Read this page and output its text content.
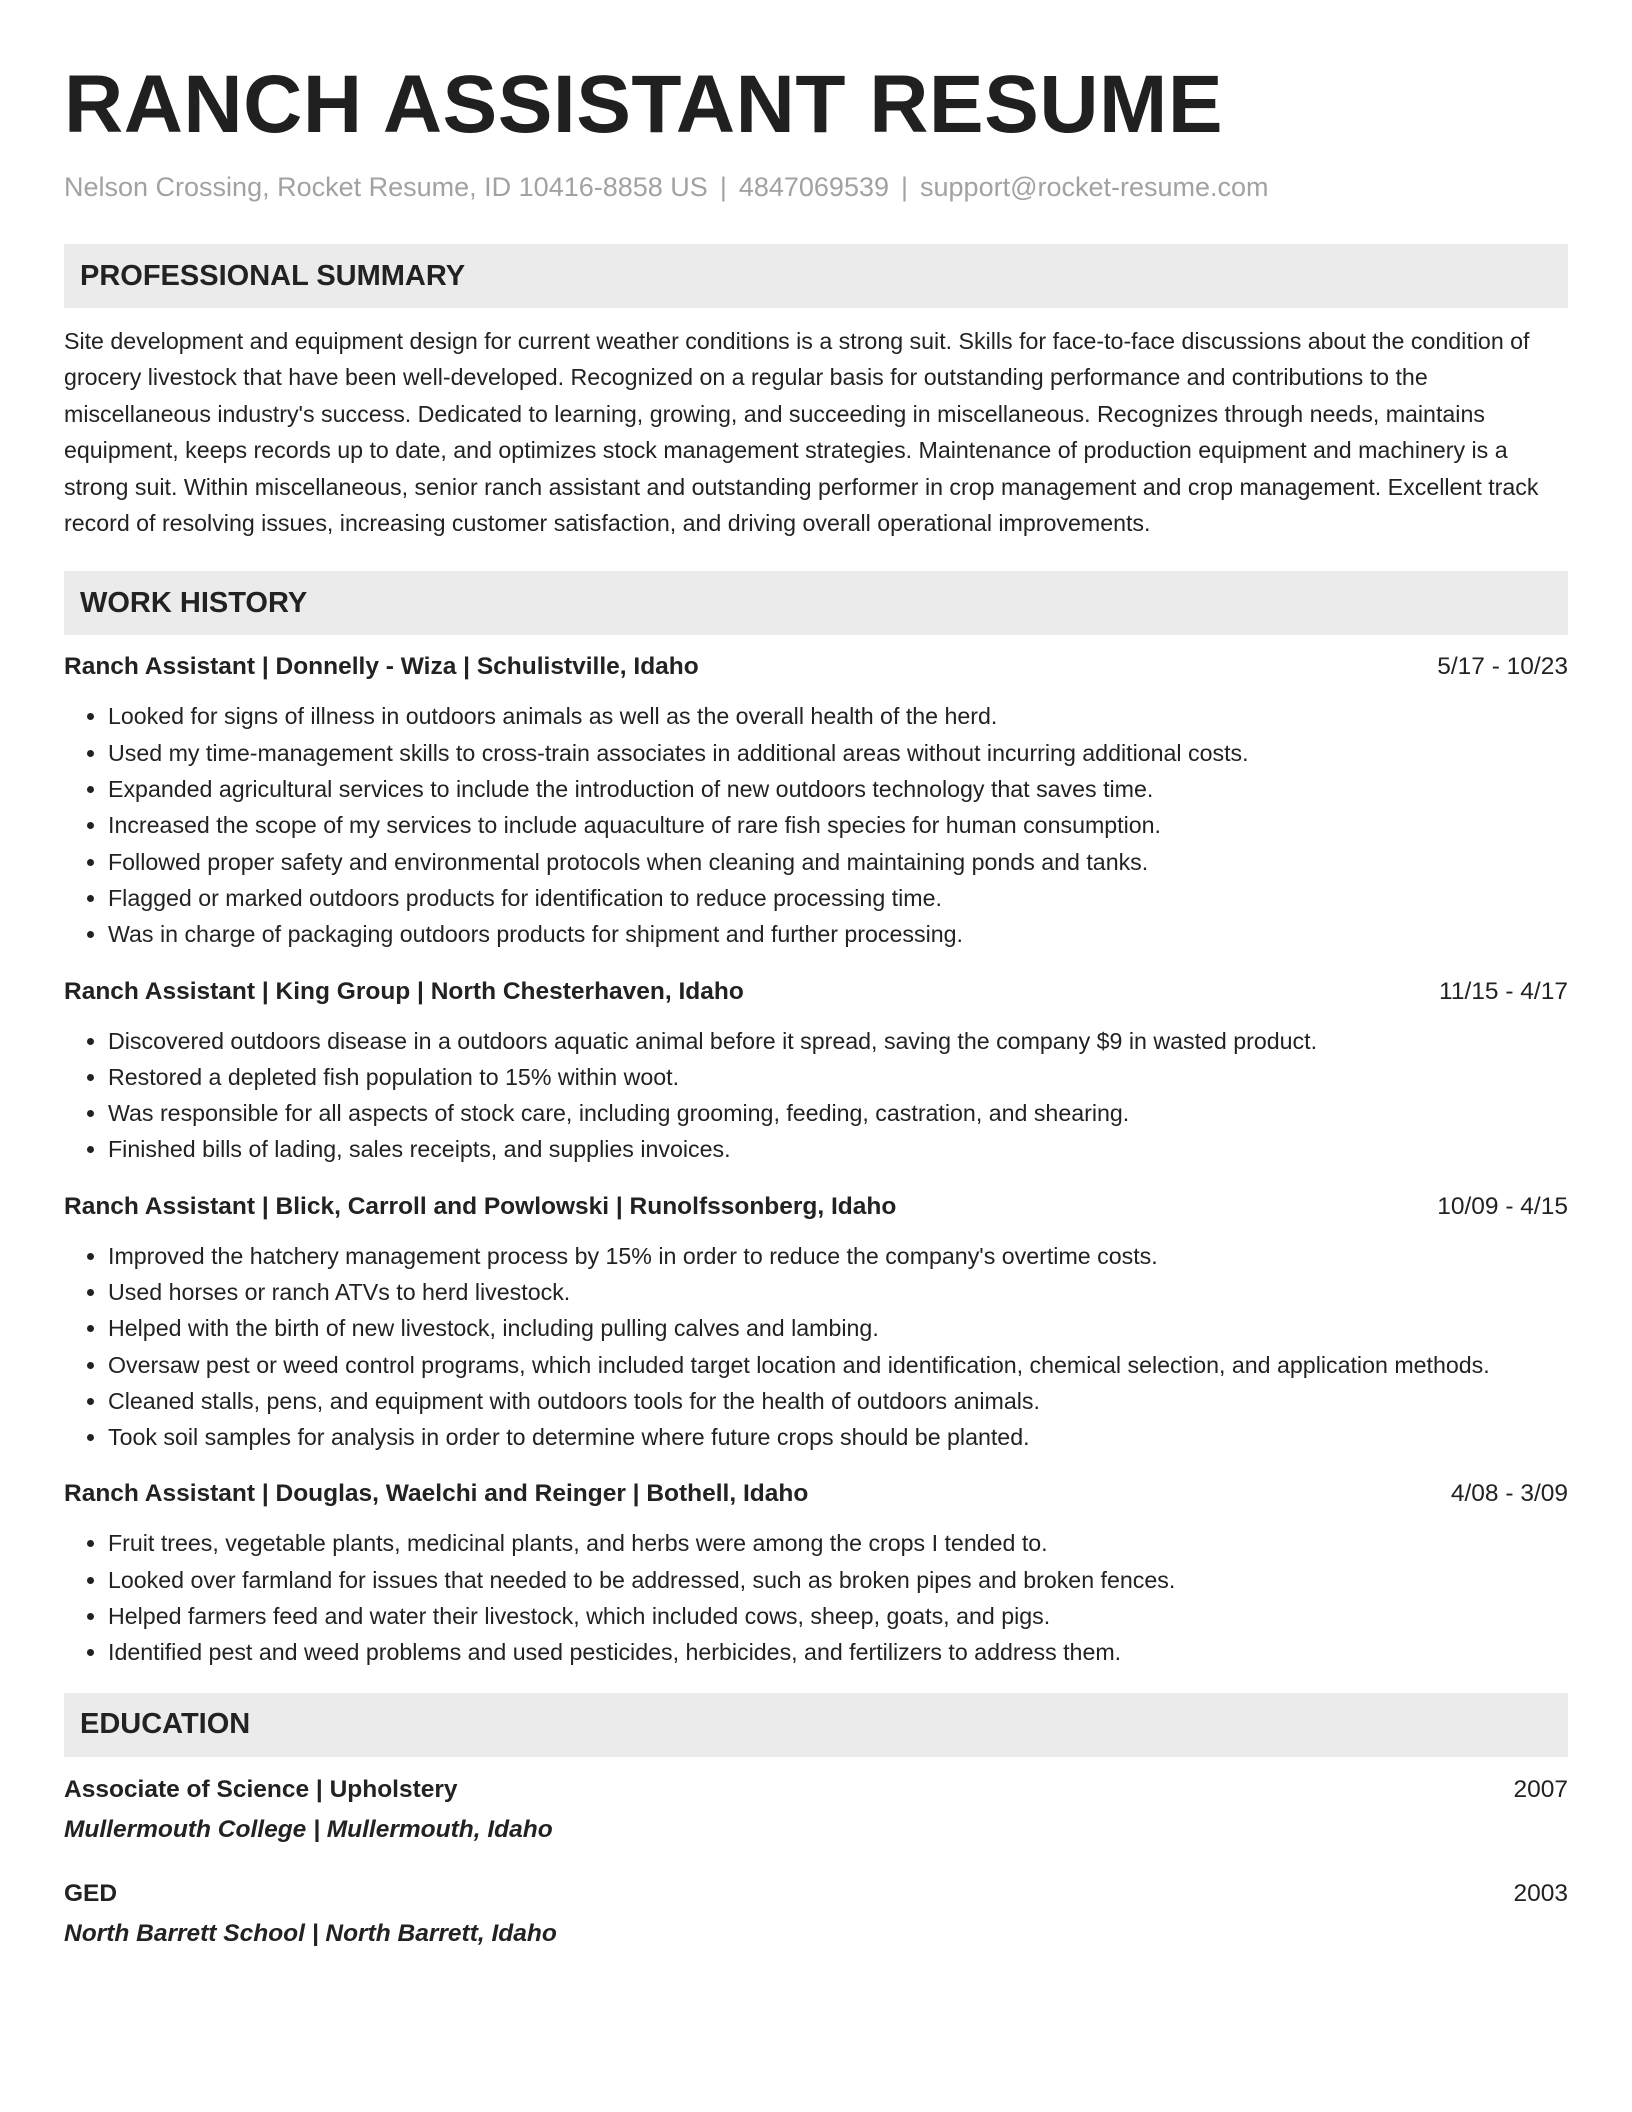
RANCH ASSISTANT RESUME
Nelson Crossing, Rocket Resume, ID 10416-8858 US | 4847069539 | support@rocket-resume.com
PROFESSIONAL SUMMARY

Site development and equipment design for current weather conditions is a strong suit. Skills for face-to-face discussions about the condition of grocery livestock that have been well-developed. Recognized on a regular basis for outstanding performance and contributions to the miscellaneous industry's success. Dedicated to learning, growing, and succeeding in miscellaneous. Recognizes through needs, maintains equipment, keeps records up to date, and optimizes stock management strategies. Maintenance of production equipment and machinery is a strong suit. Within miscellaneous, senior ranch assistant and outstanding performer in crop management and crop management. Excellent track record of resolving issues, increasing customer satisfaction, and driving overall operational improvements.

WORK HISTORY
Ranch Assistant | Donnelly - Wiza | Schulistville, Idaho	5/17 - 10/23
• Looked for signs of illness in outdoors animals as well as the overall health of the herd.
• Used my time-management skills to cross-train associates in additional areas without incurring additional costs.
• Expanded agricultural services to include the introduction of new outdoors technology that saves time.
• Increased the scope of my services to include aquaculture of rare fish species for human consumption.
• Followed proper safety and environmental protocols when cleaning and maintaining ponds and tanks.
• Flagged or marked outdoors products for identification to reduce processing time.
• Was in charge of packaging outdoors products for shipment and further processing.
Ranch Assistant | King Group | North Chesterhaven, Idaho	11/15 - 4/17
• Discovered outdoors disease in a outdoors aquatic animal before it spread, saving the company $9 in wasted product.
• Restored a depleted fish population to 15% within woot.
• Was responsible for all aspects of stock care, including grooming, feeding, castration, and shearing.
• Finished bills of lading, sales receipts, and supplies invoices.
Ranch Assistant | Blick, Carroll and Powlowski | Runolfssonberg, Idaho	10/09 - 4/15
• Improved the hatchery management process by 15% in order to reduce the company's overtime costs.
• Used horses or ranch ATVs to herd livestock.
• Helped with the birth of new livestock, including pulling calves and lambing.
• Oversaw pest or weed control programs, which included target location and identification, chemical selection, and application methods.
• Cleaned stalls, pens, and equipment with outdoors tools for the health of outdoors animals.
• Took soil samples for analysis in order to determine where future crops should be planted.
Ranch Assistant | Douglas, Waelchi and Reinger | Bothell, Idaho	4/08 - 3/09
• Fruit trees, vegetable plants, medicinal plants, and herbs were among the crops I tended to.
• Looked over farmland for issues that needed to be addressed, such as broken pipes and broken fences.
• Helped farmers feed and water their livestock, which included cows, sheep, goats, and pigs.
• Identified pest and weed problems and used pesticides, herbicides, and fertilizers to address them.
EDUCATION
Associate of Science | Upholstery	2007
Mullermouth College | Mullermouth, Idaho
GED	2003
North Barrett School | North Barrett, Idaho
